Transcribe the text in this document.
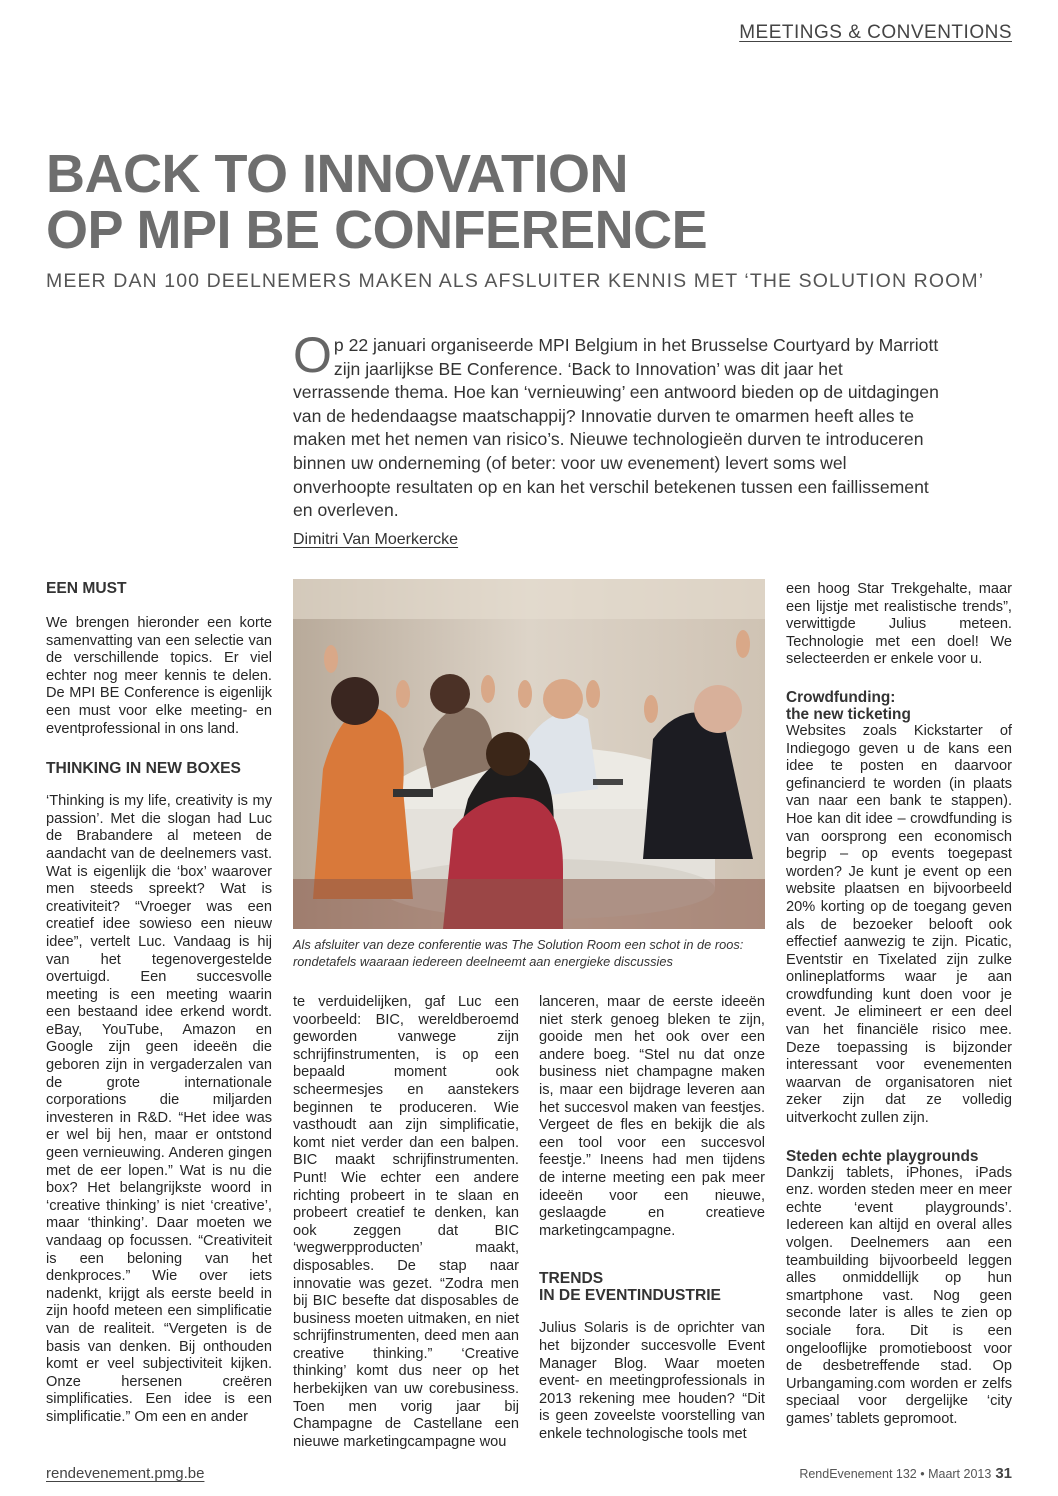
MEETINGS & CONVENTIONS
BACK TO INNOVATION
OP MPI BE CONFERENCE

MEER DAN 100 DEELNEMERS MAKEN ALS AFSLUITER KENNIS MET ‘THE SOLUTION ROOM’

Op 22 januari organiseerde MPI Belgium in het Brusselse Courtyard by Marriott zijn jaarlijkse BE Conference. ‘Back to Innovation’ was dit jaar het verrassende thema. Hoe kan ‘vernieuwing’ een antwoord bieden op de uitdagingen van de hedendaagse maatschappij? Innovatie durven te omarmen heeft alles te maken met het nemen van risico’s. Nieuwe technologieën durven te introduceren binnen uw onderneming (of beter: voor uw evenement) levert soms wel onverhoopte resultaten op en kan het verschil betekenen tussen een faillissement en overleven.

Dimitri Van Moerkercke
EEN MUST

We brengen hieronder een korte samenvatting van een selectie van de verschillende topics. Er viel echter nog meer kennis te delen. De MPI BE Conference is eigenlijk een must voor elke meeting- en eventprofessional in ons land.

THINKING IN NEW BOXES

‘Thinking is my life, creativity is my passion’. Met die slogan had Luc de Brabandere al meteen de aandacht van de deelnemers vast. Wat is eigenlijk die ‘box’ waarover men steeds spreekt? Wat is creativiteit? “Vroeger was een creatief idee sowieso een nieuw idee”, vertelt Luc. Vandaag is hij van het tegenovergestelde overtuigd. Een succesvolle meeting is een meeting waarin een bestaand idee erkend wordt. eBay, YouTube, Amazon en Google zijn geen ideeën die geboren zijn in vergaderzalen van de grote internationale corporations die miljarden investeren in R&D. “Het idee was er wel bij hen, maar er ontstond geen vernieuwing. Anderen gingen met de eer lopen.” Wat is nu die box? Het belangrijkste woord in ‘creative thinking’ is niet ‘creative’, maar ‘thinking’. Daar moeten we vandaag op focussen. “Creativiteit is een beloning van het denkproces.” Wie over iets nadenkt, krijgt als eerste beeld in zijn hoofd meteen een simplificatie van de realiteit. “Vergeten is de basis van denken. Bij onthouden komt er veel subjectiviteit kijken. Onze hersenen creëren simplificaties. Een idee is een simplificatie.” Om een en ander

Als afsluiter van deze conferentie was The Solution Room een schot in de roos: rondetafels waaraan iedereen deelneemt aan energieke discussies

te verduidelijken, gaf Luc een voorbeeld: BIC, wereldberoemd geworden vanwege zijn schrijfinstrumenten, is op een bepaald moment ook scheermesjes en aanstekers beginnen te produceren. Wie vasthoudt aan zijn simplificatie, komt niet verder dan een balpen. BIC maakt schrijfinstrumenten. Punt! Wie echter een andere richting probeert in te slaan en probeert creatief te denken, kan ook zeggen dat BIC ‘wegwerpproducten’ maakt, disposables. De stap naar innovatie was gezet. “Zodra men bij BIC besefte dat disposables de business moeten uitmaken, en niet schrijfinstrumenten, deed men aan creative thinking.” ‘Creative thinking’ komt dus neer op het herbekijken van uw corebusiness. Toen men vorig jaar bij Champagne de Castellane een nieuwe marketingcampagne wou

lanceren, maar de eerste ideeën niet sterk genoeg bleken te zijn, gooide men het ook over een andere boeg. “Stel nu dat onze business niet champagne maken is, maar een bijdrage leveren aan het succesvol maken van feestjes. Vergeet de fles en bekijk die als een tool voor een succesvol feestje.” Ineens had men tijdens de interne meeting een pak meer ideeën voor een nieuwe, geslaagde en creatieve marketingcampagne.

TRENDS
IN DE EVENTINDUSTRIE

Julius Solaris is de oprichter van het bijzonder succesvolle Event Manager Blog. Waar moeten event- en meetingprofessionals in 2013 rekening mee houden? “Dit is geen zoveelste voorstelling van enkele technologische tools met

een hoog Star Trekgehalte, maar een lijstje met realistische trends”, verwittigde Julius meteen. Technologie met een doel! We selecteerden er enkele voor u.

Crowdfunding:
the new ticketing

Websites zoals Kickstarter of Indiegogo geven u de kans een idee te posten en daarvoor gefinancierd te worden (in plaats van naar een bank te stappen). Hoe kan dit idee – crowdfunding is van oorsprong een economisch begrip – op events toegepast worden? Je kunt je event op een website plaatsen en bijvoorbeeld 20% korting op de toegang geven als de bezoeker belooft ook effectief aanwezig te zijn. Picatic, Eventstir en Tixelated zijn zulke onlineplatforms waar je aan crowdfunding kunt doen voor je event. Je elimineert er een deel van het financiële risico mee. Deze toepassing is bijzonder interessant voor evenementen waarvan de organisatoren niet zeker zijn dat ze volledig uitverkocht zullen zijn.

Steden echte playgrounds

Dankzij tablets, iPhones, iPads enz. worden steden meer en meer echte ‘event playgrounds’. Iedereen kan altijd en overal alles volgen. Deelnemers aan een teambuilding bijvoorbeeld leggen alles onmiddellijk op hun smartphone vast. Nog geen seconde later is alles te zien op sociale fora. Dit is een ongelooflijke promotieboost voor de desbetreffende stad. Op Urbangaming.com worden er zelfs speciaal voor dergelijke ‘city games’ tablets gepromoot.

rendevenement.pmg.be	RendEvenement 132 • Maart 2013 31
